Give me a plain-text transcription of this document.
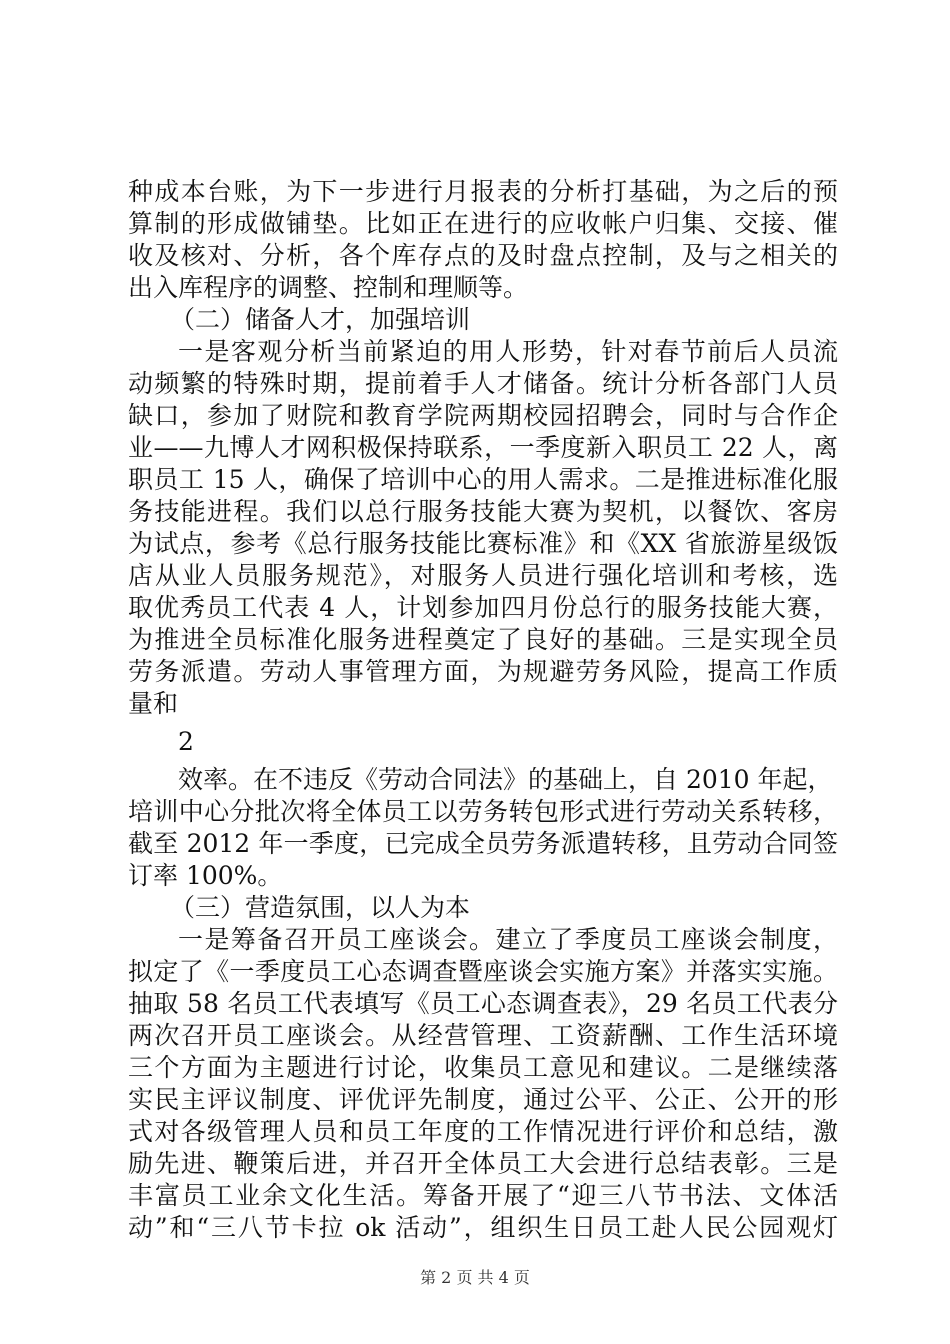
种成本台账，为下一步进行月报表的分析打基础，为之后的预
算制的形成做铺垫。比如正在进行的应收帐户归集、交接、催
收及核对、分析，各个库存点的及时盘点控制，及与之相关的
出入库程序的调整、控制和理顺等。
（二）储备人才，加强培训
一是客观分析当前紧迫的用人形势，针对春节前后人员流
动频繁的特殊时期，提前着手人才储备。统计分析各部门人员
缺口，参加了财院和教育学院两期校园招聘会，同时与合作企
业——九博人才网积极保持联系，一季度新入职员工 22 人，离
职员工 15 人，确保了培训中心的用人需求。二是推进标准化服
务技能进程。我们以总行服务技能大赛为契机，以餐饮、客房
为试点，参考《总行服务技能比赛标准》和《XX 省旅游星级饭
店从业人员服务规范》，对服务人员进行强化培训和考核，选
取优秀员工代表 4 人，计划参加四月份总行的服务技能大赛，
为推进全员标准化服务进程奠定了良好的基础。三是实现全员
劳务派遣。劳动人事管理方面，为规避劳务风险，提高工作质
量和
2
效率。在不违反《劳动合同法》的基础上，自 2010 年起，
培训中心分批次将全体员工以劳务转包形式进行劳动关系转移，
截至 2012 年一季度，已完成全员劳务派遣转移，且劳动合同签
订率 100%。
（三）营造氛围，以人为本
一是筹备召开员工座谈会。建立了季度员工座谈会制度，
拟定了《一季度员工心态调查暨座谈会实施方案》并落实实施。
抽取 58 名员工代表填写《员工心态调查表》，29 名员工代表分
两次召开员工座谈会。从经营管理、工资薪酬、工作生活环境
三个方面为主题进行讨论，收集员工意见和建议。二是继续落
实民主评议制度、评优评先制度，通过公平、公正、公开的形
式对各级管理人员和员工年度的工作情况进行评价和总结，激
励先进、鞭策后进，并召开全体员工大会进行总结表彰。三是
丰富员工业余文化生活。筹备开展了“迎三八节书法、文体活
动”和“三八节卡拉 ok 活动”，组织生日员工赴人民公园观灯
第 2 页 共 4 页
